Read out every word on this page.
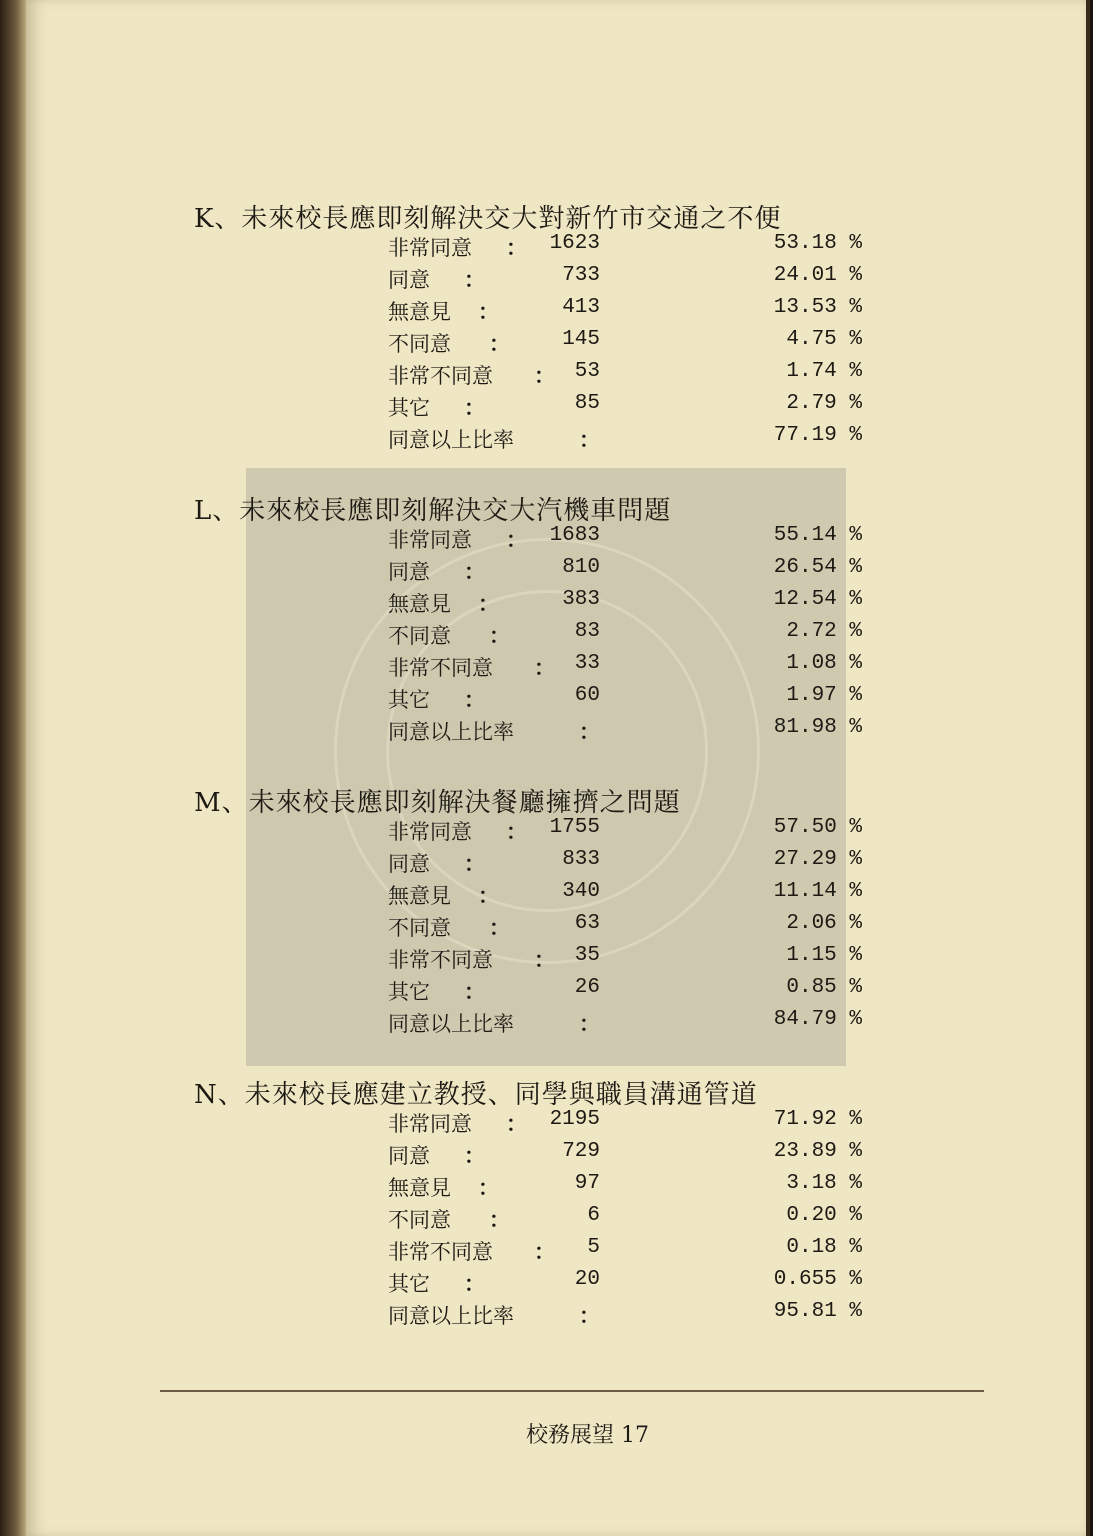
K、未來校長應即刻解決交大對新竹市交通之不便
非常同意 ： 1623	53.18 %
同意 ：	733	24.01 %
無意見 ：	413	13.53 %
不同意 ： 145	4.75 %
非常不同意 ： 53	1.74 %
其它 ：	85	2.79 %
同意以上比率	：	77.19 %
L、未來校長應即刻解決交大汽機車問題
非常同意 ： 1683	55.14 %
同意 ：	810	26.54 %
無意見 ：	383	12.54 %
不同意 ：	83	2.72 %
非常不同意 ： 33	1.08 %
其它 ：	60	1.97 %
同意以上比率	：	81.98 %
M、未來校長應即刻解決餐廳擁擠之問題
非常同意 ： 1755	57.50 %
同意 ：	833	27.29 %
無意見 ：	340	11.14 %
不同意 ：	63	2.06 %
非常不同意 ： 35	1.15 %
其它 ：	26	0.85 %
同意以上比率	：	84.79 %
N、未來校長應建立教授、同學與職員溝通管道
非常同意 ： 2195	71.92 %
同意 ：	729	23.89 %
無意見 ：	97	3.18 %
不同意 ：	6	0.20 %
非常不同意 ： 5	0.18 %
其它 ：	20	0.655 %
同意以上比率	：	95.81 %
校務展望 17
